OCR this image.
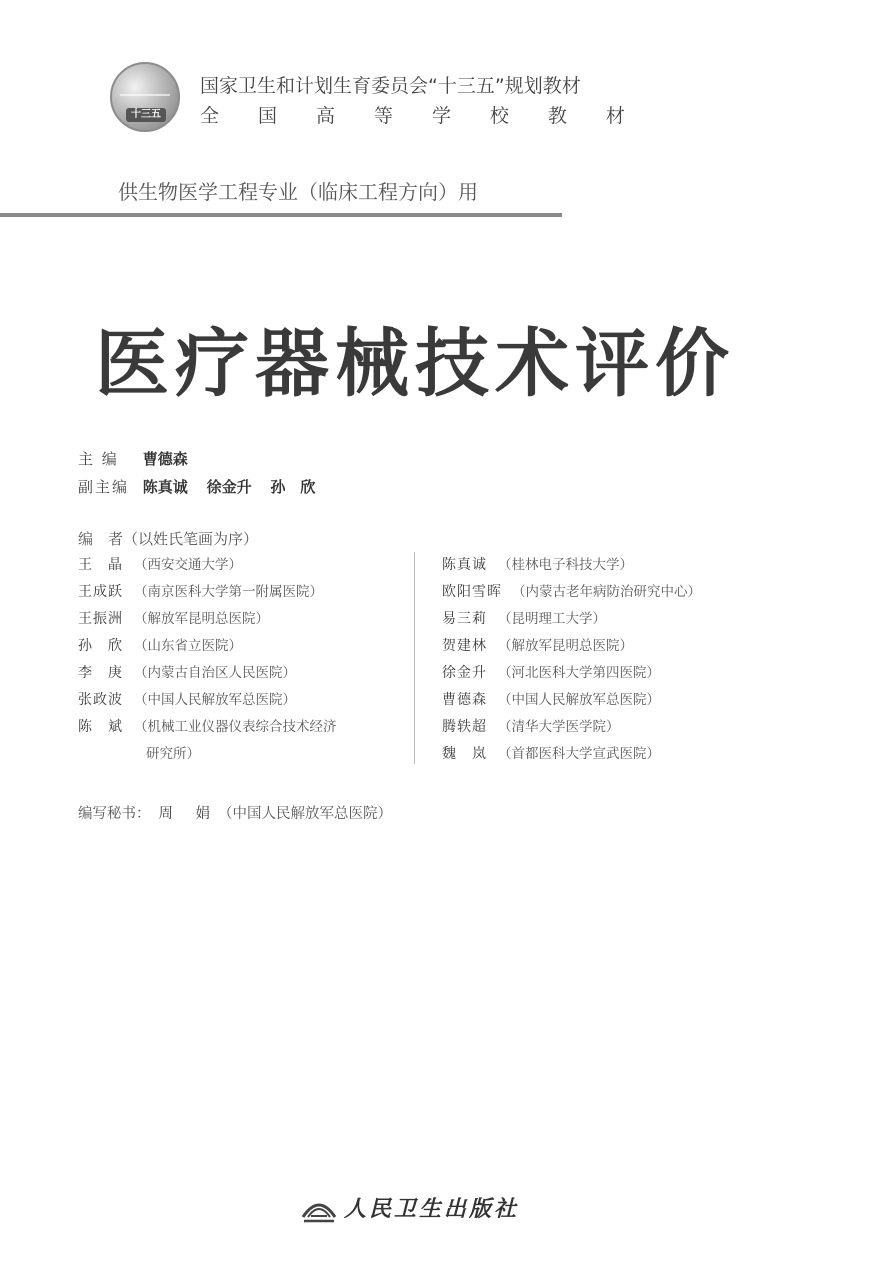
十三五
国家卫生和计划生育委员会“十三五”规划教材
全 国 高 等 学 校 教 材
供生物医学工程专业（临床工程方向）用
医疗器械技术评价
主 编 曹德森
副主编 陈真诚 徐金升 孙　欣
编　者（以姓氏笔画为序）
王　晶 （西安交通大学）
王成跃 （南京医科大学第一附属医院）
王振洲 （解放军昆明总医院）
孙　欣 （山东省立医院）
李　庚 （内蒙古自治区人民医院）
张政波 （中国人民解放军总医院）
陈　斌 （机械工业仪器仪表综合技术经济
研究所）
陈真诚 （桂林电子科技大学）
欧阳雪晖 （内蒙古老年病防治研究中心）
易三莉 （昆明理工大学）
贺建林 （解放军昆明总医院）
徐金升 （河北医科大学第四医院）
曹德森 （中国人民解放军总医院）
腾轶超 （清华大学医学院）
魏　岚 （首都医科大学宣武医院）
编写秘书： 周　娟 （中国人民解放军总医院）
人民卫生出版社
